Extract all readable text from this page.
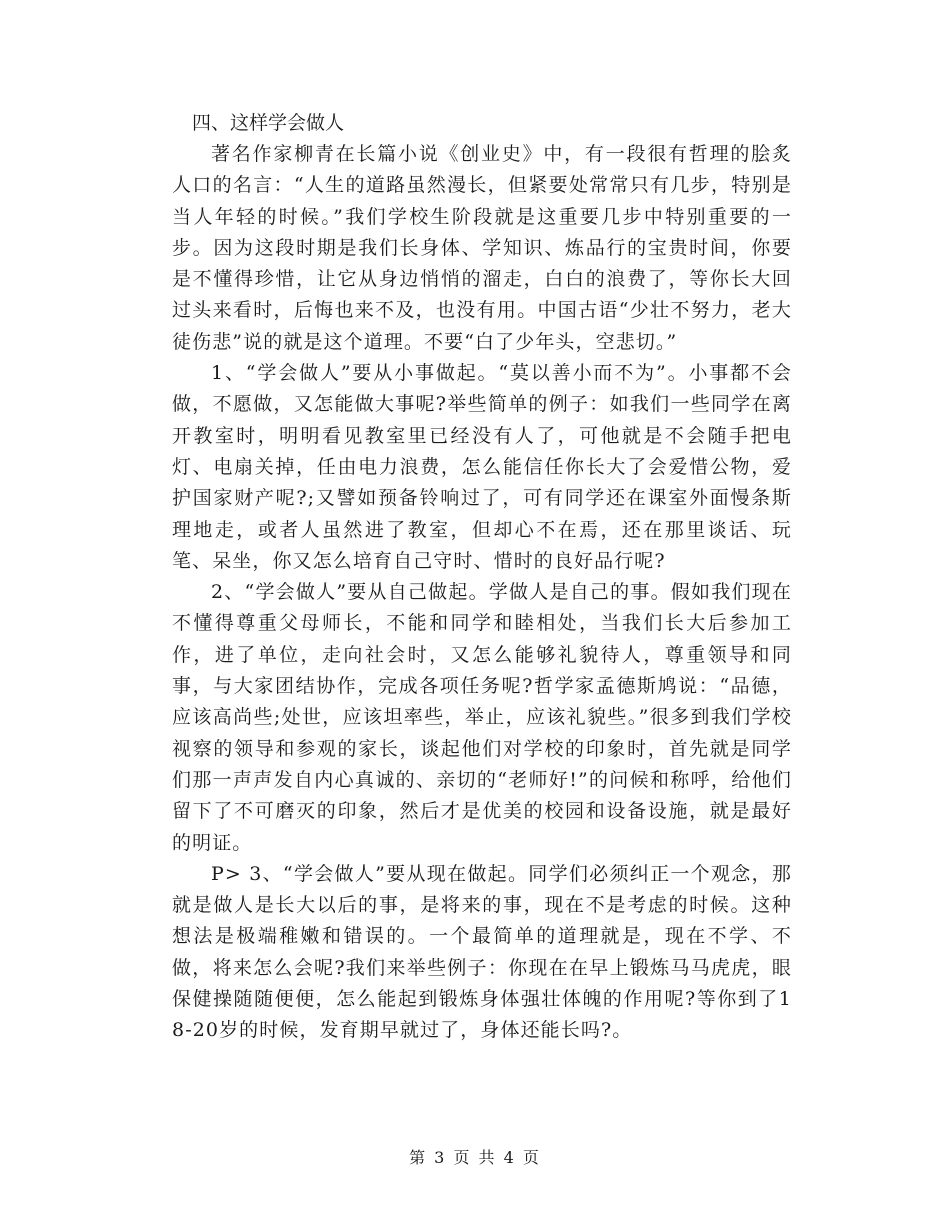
四、这样学会做人

著名作家柳青在长篇小说《创业史》中，有一段很有哲理的脍炙人口的名言：“人生的道路虽然漫长，但紧要处常常只有几步，特别是当人年轻的时候。”我们学校生阶段就是这重要几步中特别重要的一步。因为这段时期是我们长身体、学知识、炼品行的宝贵时间，你要是不懂得珍惜，让它从身边悄悄的溜走，白白的浪费了，等你长大回过头来看时，后悔也来不及，也没有用。中国古语“少壮不努力，老大徒伤悲”说的就是这个道理。不要“白了少年头，空悲切。”

1、“学会做人”要从小事做起。“莫以善小而不为”。小事都不会做，不愿做，又怎能做大事呢?举些简单的例子：如我们一些同学在离开教室时，明明看见教室里已经没有人了，可他就是不会随手把电灯、电扇关掉，任由电力浪费，怎么能信任你长大了会爱惜公物，爱护国家财产呢?;又譬如预备铃响过了，可有同学还在课室外面慢条斯理地走，或者人虽然进了教室，但却心不在焉，还在那里谈话、玩笔、呆坐，你又怎么培育自己守时、惜时的良好品行呢?

2、“学会做人”要从自己做起。学做人是自己的事。假如我们现在不懂得尊重父母师长，不能和同学和睦相处，当我们长大后参加工作，进了单位，走向社会时，又怎么能够礼貌待人，尊重领导和同事，与大家团结协作，完成各项任务呢?哲学家孟德斯鸠说：“品德，应该高尚些;处世，应该坦率些，举止，应该礼貌些。”很多到我们学校视察的领导和参观的家长，谈起他们对学校的印象时，首先就是同学们那一声声发自内心真诚的、亲切的“老师好!”的问候和称呼，给他们留下了不可磨灭的印象，然后才是优美的校园和设备设施，就是最好的明证。

P> 3、“学会做人”要从现在做起。同学们必须纠正一个观念，那就是做人是长大以后的事，是将来的事，现在不是考虑的时候。这种想法是极端稚嫩和错误的。一个最简单的道理就是，现在不学、不做，将来怎么会呢?我们来举些例子：你现在在早上锻炼马马虎虎，眼保健操随随便便，怎么能起到锻炼身体强壮体魄的作用呢?等你到了18-20岁的时候，发育期早就过了，身体还能长吗?。

第 3 页 共 4 页
